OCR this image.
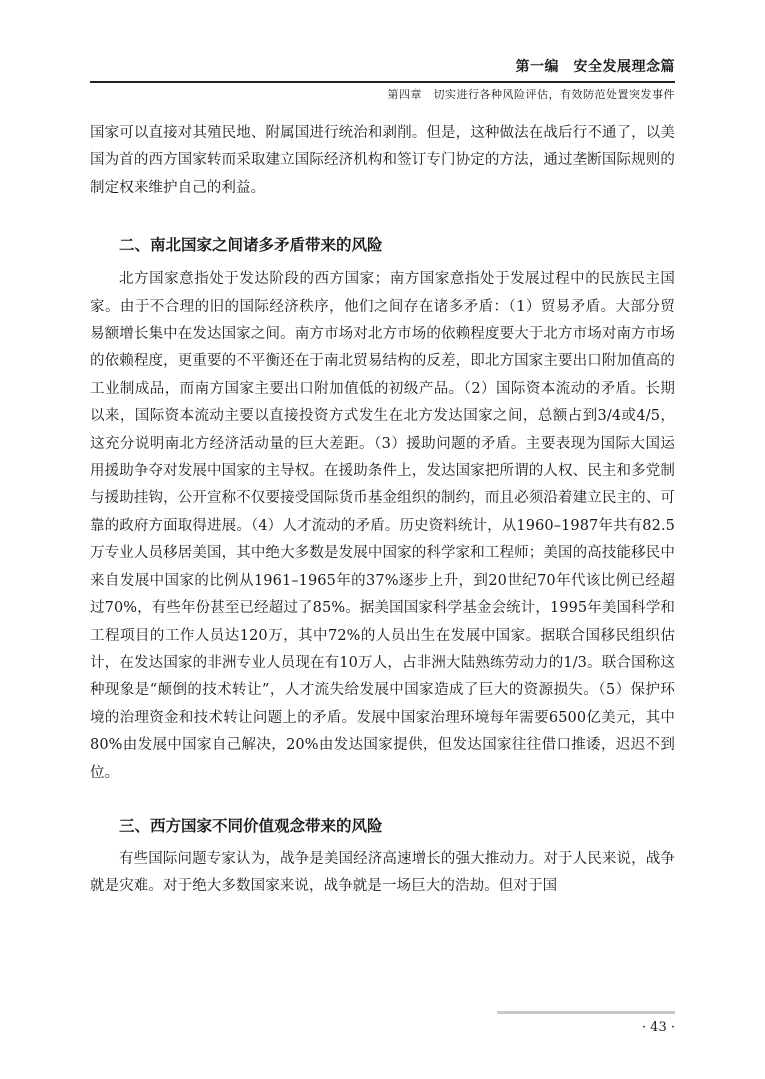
第一编　安全发展理念篇
第四章　切实进行各种风险评估，有效防范处置突发事件

国家可以直接对其殖民地、附属国进行统治和剥削。但是，这种做法在战后行不通了，以美国为首的西方国家转而采取建立国际经济机构和签订专门协定的方法，通过垄断国际规则的制定权来维护自己的利益。

二、南北国家之间诸多矛盾带来的风险

北方国家意指处于发达阶段的西方国家；南方国家意指处于发展过程中的民族民主国家。由于不合理的旧的国际经济秩序，他们之间存在诸多矛盾：（1）贸易矛盾。大部分贸易额增长集中在发达国家之间。南方市场对北方市场的依赖程度要大于北方市场对南方市场的依赖程度，更重要的不平衡还在于南北贸易结构的反差，即北方国家主要出口附加值高的工业制成品，而南方国家主要出口附加值低的初级产品。（2）国际资本流动的矛盾。长期以来，国际资本流动主要以直接投资方式发生在北方发达国家之间，总额占到3/4或4/5，这充分说明南北方经济活动量的巨大差距。（3）援助问题的矛盾。主要表现为国际大国运用援助争夺对发展中国家的主导权。在援助条件上，发达国家把所谓的人权、民主和多党制与援助挂钩，公开宣称不仅要接受国际货币基金组织的制约，而且必须沿着建立民主的、可靠的政府方面取得进展。（4）人才流动的矛盾。历史资料统计，从1960–1987年共有82.5万专业人员移居美国，其中绝大多数是发展中国家的科学家和工程师；美国的高技能移民中来自发展中国家的比例从1961–1965年的37%逐步上升，到20世纪70年代该比例已经超过70%，有些年份甚至已经超过了85%。据美国国家科学基金会统计，1995年美国科学和工程项目的工作人员达120万，其中72%的人员出生在发展中国家。据联合国移民组织估计，在发达国家的非洲专业人员现在有10万人，占非洲大陆熟练劳动力的1/3。联合国称这种现象是“颠倒的技术转让”，人才流失给发展中国家造成了巨大的资源损失。（5）保护环境的治理资金和技术转让问题上的矛盾。发展中国家治理环境每年需要6500亿美元，其中80%由发展中国家自己解决，20%由发达国家提供，但发达国家往往借口推诿，迟迟不到位。

三、西方国家不同价值观念带来的风险

有些国际问题专家认为，战争是美国经济高速增长的强大推动力。对于人民来说，战争就是灾难。对于绝大多数国家来说，战争就是一场巨大的浩劫。但对于国

· 43 ·
